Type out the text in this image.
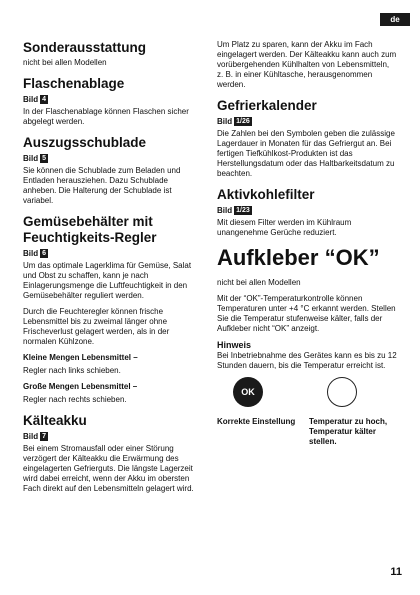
de
Sonderausstattung

nicht bei allen Modellen

Flaschenablage
Bild 4

In der Flaschenablage können Flaschen sicher abgelegt werden.

Auszugsschublade
Bild 5

Sie können die Schublade zum Beladen und Entladen herausziehen. Dazu Schublade anheben. Die Halterung der Schublade ist variabel.

Gemüsebehälter mit Feuchtigkeits-Regler
Bild 6

Um das optimale Lagerklima für Gemüse, Salat und Obst zu schaffen, kann je nach Einlagerungsmenge die Luftfeuchtigkeit in den Gemüsebehälter reguliert werden.

Durch die Feuchteregler können frische Lebensmittel bis zu zweimal länger ohne Frischeverlust gelagert werden, als in der normalen Kühlzone.

Kleine Mengen Lebensmittel –

Regler nach links schieben.

Große Mengen Lebensmittel –

Regler nach rechts schieben.

Kälteakku
Bild 7

Bei einem Stromausfall oder einer Störung verzögert der Kälteakku die Erwärmung des eingelagerten Gefrierguts. Die längste Lagerzeit wird dabei erreicht, wenn der Akku im obersten Fach direkt auf den Lebensmitteln gelagert wird.

Um Platz zu sparen, kann der Akku im Fach eingelagert werden. Der Kälteakku kann auch zum vorübergehenden Kühlhalten von Lebensmitteln, z. B. in einer Kühltasche, herausgenommen werden.

Gefrierkalender
Bild 1/26

Die Zahlen bei den Symbolen geben die zulässige Lagerdauer in Monaten für das Gefriergut an. Bei fertigen Tiefkühlkost-Produkten ist das Herstellungsdatum oder das Haltbarkeitsdatum zu beachten.

Aktivkohlefilter
Bild 1/23

Mit diesem Filter werden im Kühlraum unangenehme Gerüche reduziert.

Aufkleber “OK”

nicht bei allen Modellen

Mit der “OK”-Temperaturkontrolle können Temperaturen unter +4 °C erkannt werden. Stellen Sie die Temperatur stufenweise kälter, falls der Aufkleber nicht “OK” anzeigt.

Hinweis

Bei Inbetriebnahme des Gerätes kann es bis zu 12 Stunden dauern, bis die Temperatur erreicht ist.

OK
Korrekte Einstellung Temperatur zu hoch, Temperatur kälter stellen.
11
